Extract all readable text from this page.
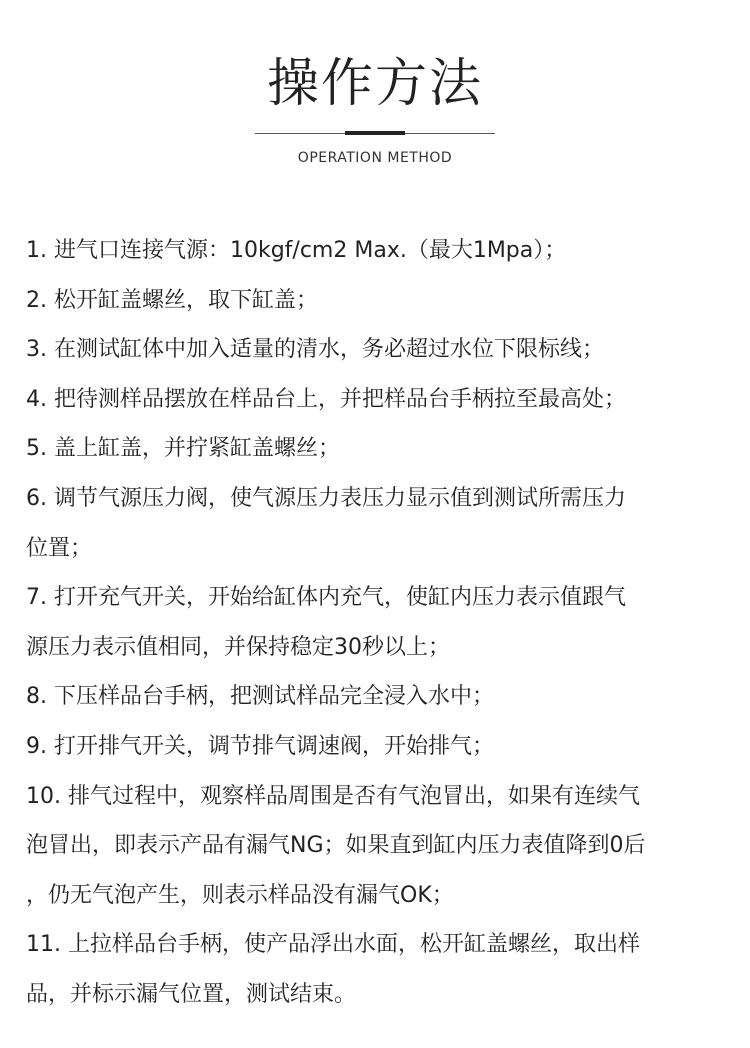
操作方法
OPERATION METHOD
1. 进气口连接气源：10kgf/cm2 Max.（最大1Mpa）；
2. 松开缸盖螺丝，取下缸盖；
3. 在测试缸体中加入适量的清水，务必超过水位下限标线；
4. 把待测样品摆放在样品台上，并把样品台手柄拉至最高处；
5. 盖上缸盖，并拧紧缸盖螺丝；
6. 调节气源压力阀，使气源压力表压力显示值到测试所需压力
位置；
7. 打开充气开关，开始给缸体内充气，使缸内压力表示值跟气
源压力表示值相同，并保持稳定30秒以上；
8. 下压样品台手柄，把测试样品完全浸入水中；
9. 打开排气开关，调节排气调速阀，开始排气；
10. 排气过程中，观察样品周围是否有气泡冒出，如果有连续气
泡冒出，即表示产品有漏气NG；如果直到缸内压力表值降到0后
，仍无气泡产生，则表示样品没有漏气OK；
11. 上拉样品台手柄，使产品浮出水面，松开缸盖螺丝，取出样
品，并标示漏气位置，测试结束。
